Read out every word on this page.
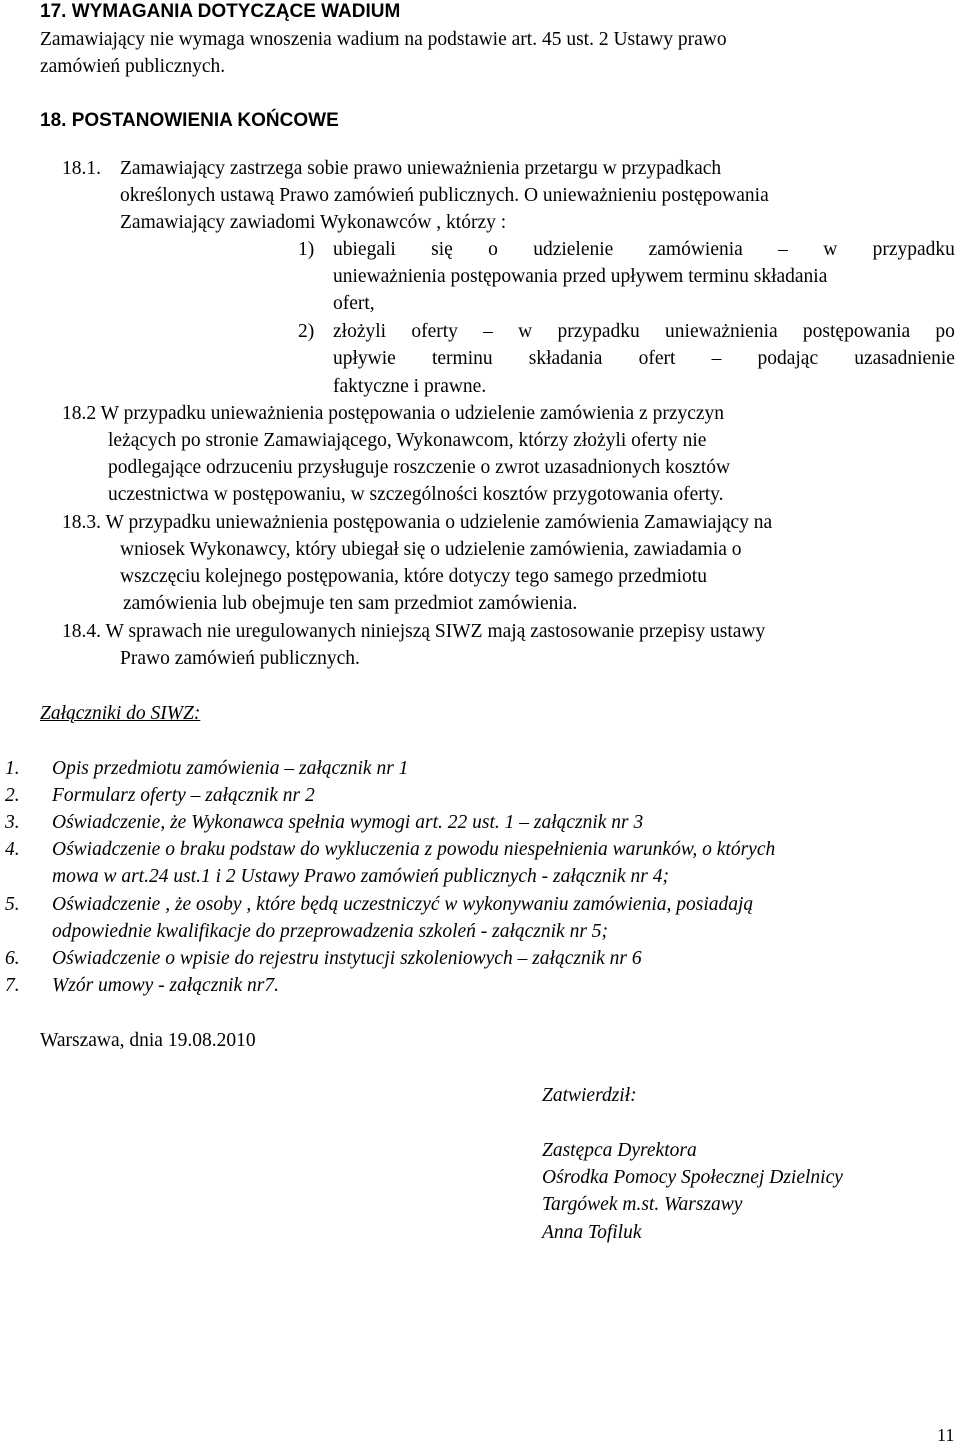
17. WYMAGANIA DOTYCZĄCE WADIUM
Zamawiający nie wymaga wnoszenia wadium na podstawie art. 45 ust. 2 Ustawy prawo
zamówień publicznych.
18. POSTANOWIENIA KOŃCOWE
18.1. Zamawiający zastrzega sobie prawo unieważnienia przetargu w przypadkach
określonych ustawą Prawo zamówień publicznych. O unieważnieniu postępowania
Zamawiający zawiadomi Wykonawców , którzy :
1) ubiegali się o udzielenie zamówienia – w przypadku
unieważnienia postępowania przed upływem terminu składania
ofert,
2) złożyli oferty – w przypadku unieważnienia postępowania po
upływie terminu składania ofert – podając uzasadnienie
faktyczne i prawne.
18.2 W przypadku unieważnienia postępowania o udzielenie zamówienia z przyczyn
leżących po stronie Zamawiającego, Wykonawcom, którzy złożyli oferty nie
podlegające odrzuceniu przysługuje roszczenie o zwrot uzasadnionych kosztów
uczestnictwa w postępowaniu, w szczególności kosztów przygotowania oferty.
18.3. W przypadku unieważnienia postępowania o udzielenie zamówienia Zamawiający na
wniosek Wykonawcy, który ubiegał się o udzielenie zamówienia, zawiadamia o
wszczęciu kolejnego postępowania, które dotyczy tego samego przedmiotu
zamówienia lub obejmuje ten sam przedmiot zamówienia.
18.4. W sprawach nie uregulowanych niniejszą SIWZ mają zastosowanie przepisy ustawy
Prawo zamówień publicznych.
Załączniki do SIWZ:
1. Opis przedmiotu zamówienia – załącznik nr 1
2. Formularz oferty – załącznik nr 2
3. Oświadczenie, że Wykonawca spełnia wymogi art. 22 ust. 1 – załącznik nr 3
4. Oświadczenie o braku podstaw do wykluczenia z powodu niespełnienia warunków, o których
mowa w art.24 ust.1 i 2 Ustawy Prawo zamówień publicznych - załącznik nr 4;
5. Oświadczenie , że osoby , które będą uczestniczyć w wykonywaniu zamówienia, posiadają
odpowiednie kwalifikacje do przeprowadzenia szkoleń - załącznik nr 5;
6. Oświadczenie o wpisie do rejestru instytucji szkoleniowych – załącznik nr 6
7. Wzór umowy - załącznik nr7.
Warszawa, dnia 19.08.2010
Zatwierdził:
Zastępca Dyrektora
Ośrodka Pomocy Społecznej Dzielnicy
Targówek m.st. Warszawy
Anna Tofiluk
11
